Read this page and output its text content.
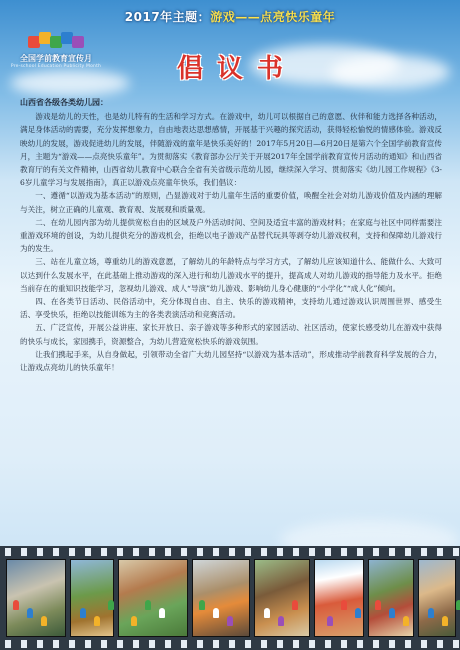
2017年主题：游戏——点亮快乐童年
全国学前教育宣传月
Pre-school Education Publicity Month	倡议书
山西省各级各类幼儿园：

游戏是幼儿的天性，也是幼儿特有的生活和学习方式。在游戏中，幼儿可以根据自己的意愿、伙伴和能力选择各种活动，满足身体活动的需要，充分发挥想象力，自由地表达思想感情，开展基于兴趣的探究活动，获得轻松愉悦的情感体验。游戏反映幼儿的发展，游戏促进幼儿的发展，伴随游戏的童年是快乐美好的！2017年5月20日—6月20日是第六个全国学前教育宣传月，主题为“游戏——点亮快乐童年”。为贯彻落实《教育部办公厅关于开展2017年全国学前教育宣传月活动的通知》和山西省教育厅的有关文件精神，山西省幼儿教育中心联合全省有关省级示范幼儿园，继续深入学习、贯彻落实《幼儿园工作规程》《3-6岁儿童学习与发展指南》，真正以游戏点亮童年快乐，我们倡议：

一、遵循“以游戏为基本活动”的原则，凸显游戏对于幼儿童年生活的重要价值，唤醒全社会对幼儿游戏价值及内涵的理解与关注，树立正确的儿童观、教育观、发展观和质量观。

二、在幼儿园内部为幼儿提供宽松自由的区域及户外活动时间、空间及适宜丰富的游戏材料；在家庭与社区中同样需要注重游戏环境的创设，为幼儿提供充分的游戏机会，拒绝以电子游戏产品替代玩具等剥夺幼儿游戏权利，支持和保障幼儿游戏行为的发生。

三、站在儿童立场，尊重幼儿的游戏意愿，了解幼儿的年龄特点与学习方式，了解幼儿应该知道什么、能做什么、大致可以达到什么发展水平，在此基础上推动游戏的深入进行和幼儿游戏水平的提升，提高成人对幼儿游戏的指导能力及水平。拒绝当前存在的重知识技能学习，忽视幼儿游戏、成人“导演”幼儿游戏、影响幼儿身心健康的“小学化”“成人化”倾向。

四、在各类节日活动、民俗活动中，充分体现自由、自主、快乐的游戏精神，支持幼儿通过游戏认识周围世界、感受生活、享受快乐，拒绝以技能训练为主的各类表演活动和竞赛活动。

五、广泛宣传，开展公益讲座、家长开放日、亲子游戏等多种形式的家园活动、社区活动，使家长感受幼儿在游戏中获得的快乐与成长，家园携手，资源整合，为幼儿营造宽松快乐的游戏氛围。

让我们携起手来，从自身做起，引领带动全省广大幼儿园坚持“以游戏为基本活动”，形成推动学前教育科学发展的合力，让游戏点亮幼儿的快乐童年！
